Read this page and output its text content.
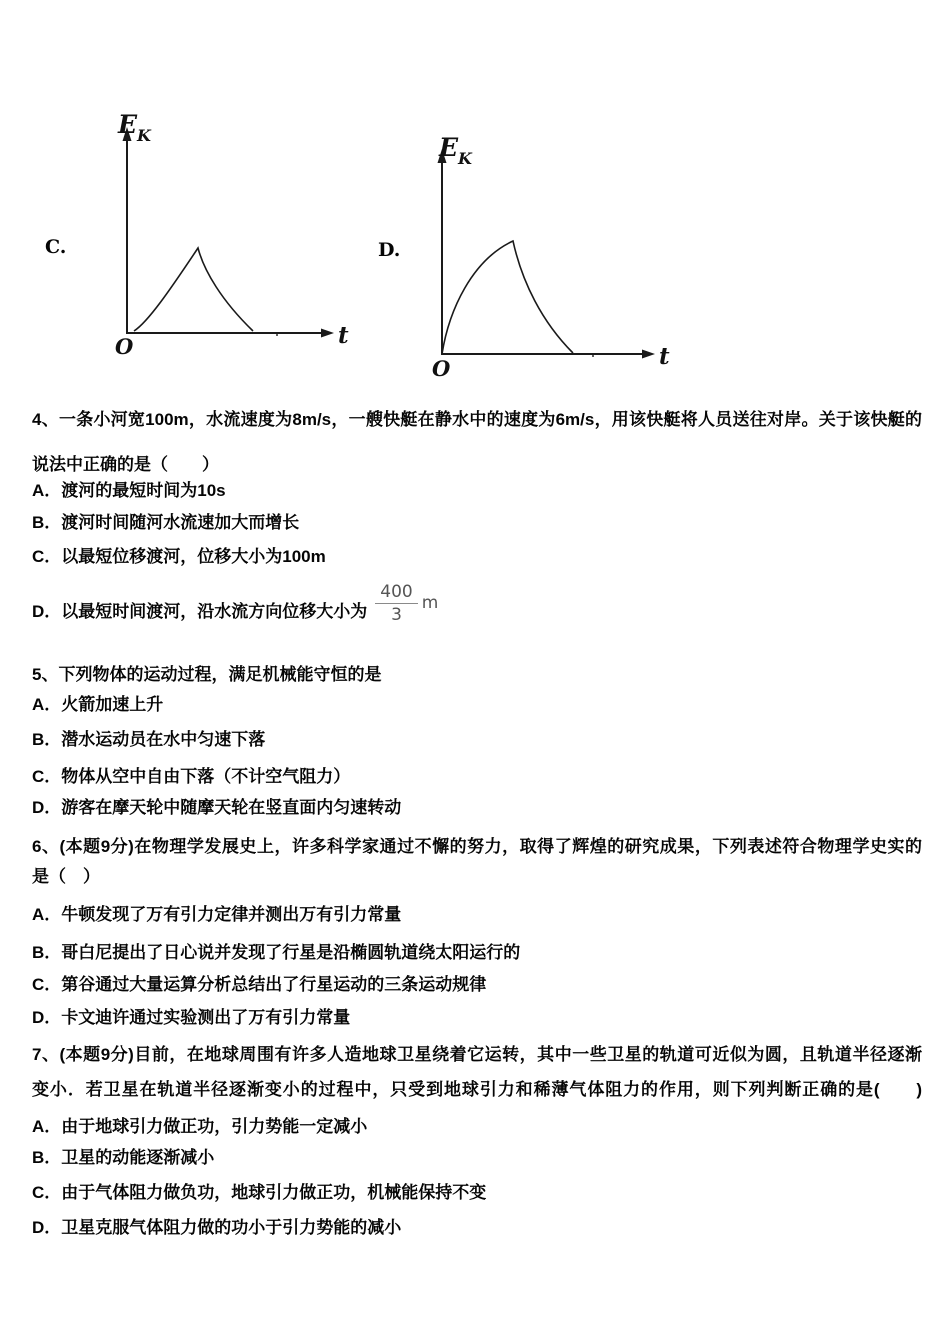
C.	D.
E K
O	t
E K
O	t
4、一条小河宽100m，水流速度为8m/s，一艘快艇在静水中的速度为6m/s，用该快艇将人员送往对岸。关于该快艇的
说法中正确的是（　　）
A．渡河的最短时间为10s
B．渡河时间随河水流速加大而增长
C．以最短位移渡河，位移大小为100m
D．以最短时间渡河，沿水流方向位移大小为 $\frac{400}{3}$ m
5、下列物体的运动过程，满足机械能守恒的是
A．火箭加速上升
B．潜水运动员在水中匀速下落
C．物体从空中自由下落（不计空气阻力）
D．游客在摩天轮中随摩天轮在竖直面内匀速转动
6、(本题9分)在物理学发展史上，许多科学家通过不懈的努力，取得了辉煌的研究成果，下列表述符合物理学史实的
是（　）
A．牛顿发现了万有引力定律并测出万有引力常量
B．哥白尼提出了日心说并发现了行星是沿椭圆轨道绕太阳运行的
C．第谷通过大量运算分析总结出了行星运动的三条运动规律
D．卡文迪许通过实验测出了万有引力常量
7、(本题9分)目前，在地球周围有许多人造地球卫星绕着它运转，其中一些卫星的轨道可近似为圆，且轨道半径逐渐
变小．若卫星在轨道半径逐渐变小的过程中，只受到地球引力和稀薄气体阻力的作用，则下列判断正确的是(　　)
A．由于地球引力做正功，引力势能一定减小
B．卫星的动能逐渐减小
C．由于气体阻力做负功，地球引力做正功，机械能保持不变
D．卫星克服气体阻力做的功小于引力势能的减小
